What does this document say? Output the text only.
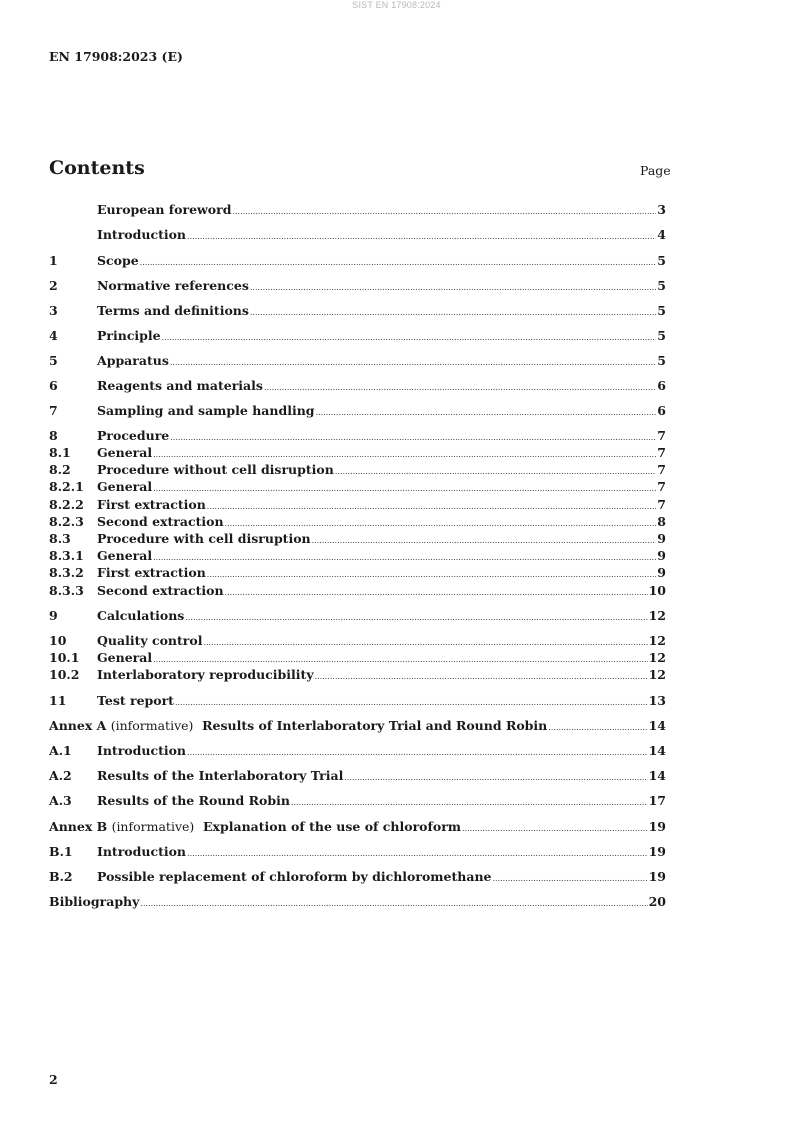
SIST EN 17908:2024
EN 17908:2023 (E)
Contents	Page
European foreword .....	3
Introduction .....	4
1	Scope .....	5
2	Normative references .....	5
3	Terms and definitions .....	5
4	Principle .....	5
5	Apparatus .....	5
6	Reagents and materials .....	6
7	Sampling and sample handling .....	6
8	Procedure .....	7
8.1	General .....	7
8.2	Procedure without cell disruption .....	7
8.2.1	General .....	7
8.2.2	First extraction .....	7
8.2.3	Second extraction .....	8
8.3	Procedure with cell disruption .....	9
8.3.1	General .....	9
8.3.2	First extraction .....	9
8.3.3	Second extraction .....	10
9	Calculations .....	12
10	Quality control .....	12
10.1	General .....	12
10.2	Interlaboratory reproducibility .....	12
11	Test report .....	13
Annex A (informative) Results of Interlaboratory Trial and Round Robin .....	14
A.1	Introduction .....	14
A.2	Results of the Interlaboratory Trial .....	14
A.3	Results of the Round Robin .....	17
Annex B (informative) Explanation of the use of chloroform .....	19
B.1	Introduction .....	19
B.2	Possible replacement of chloroform by dichloromethane .....	19
Bibliography .....	20
2
